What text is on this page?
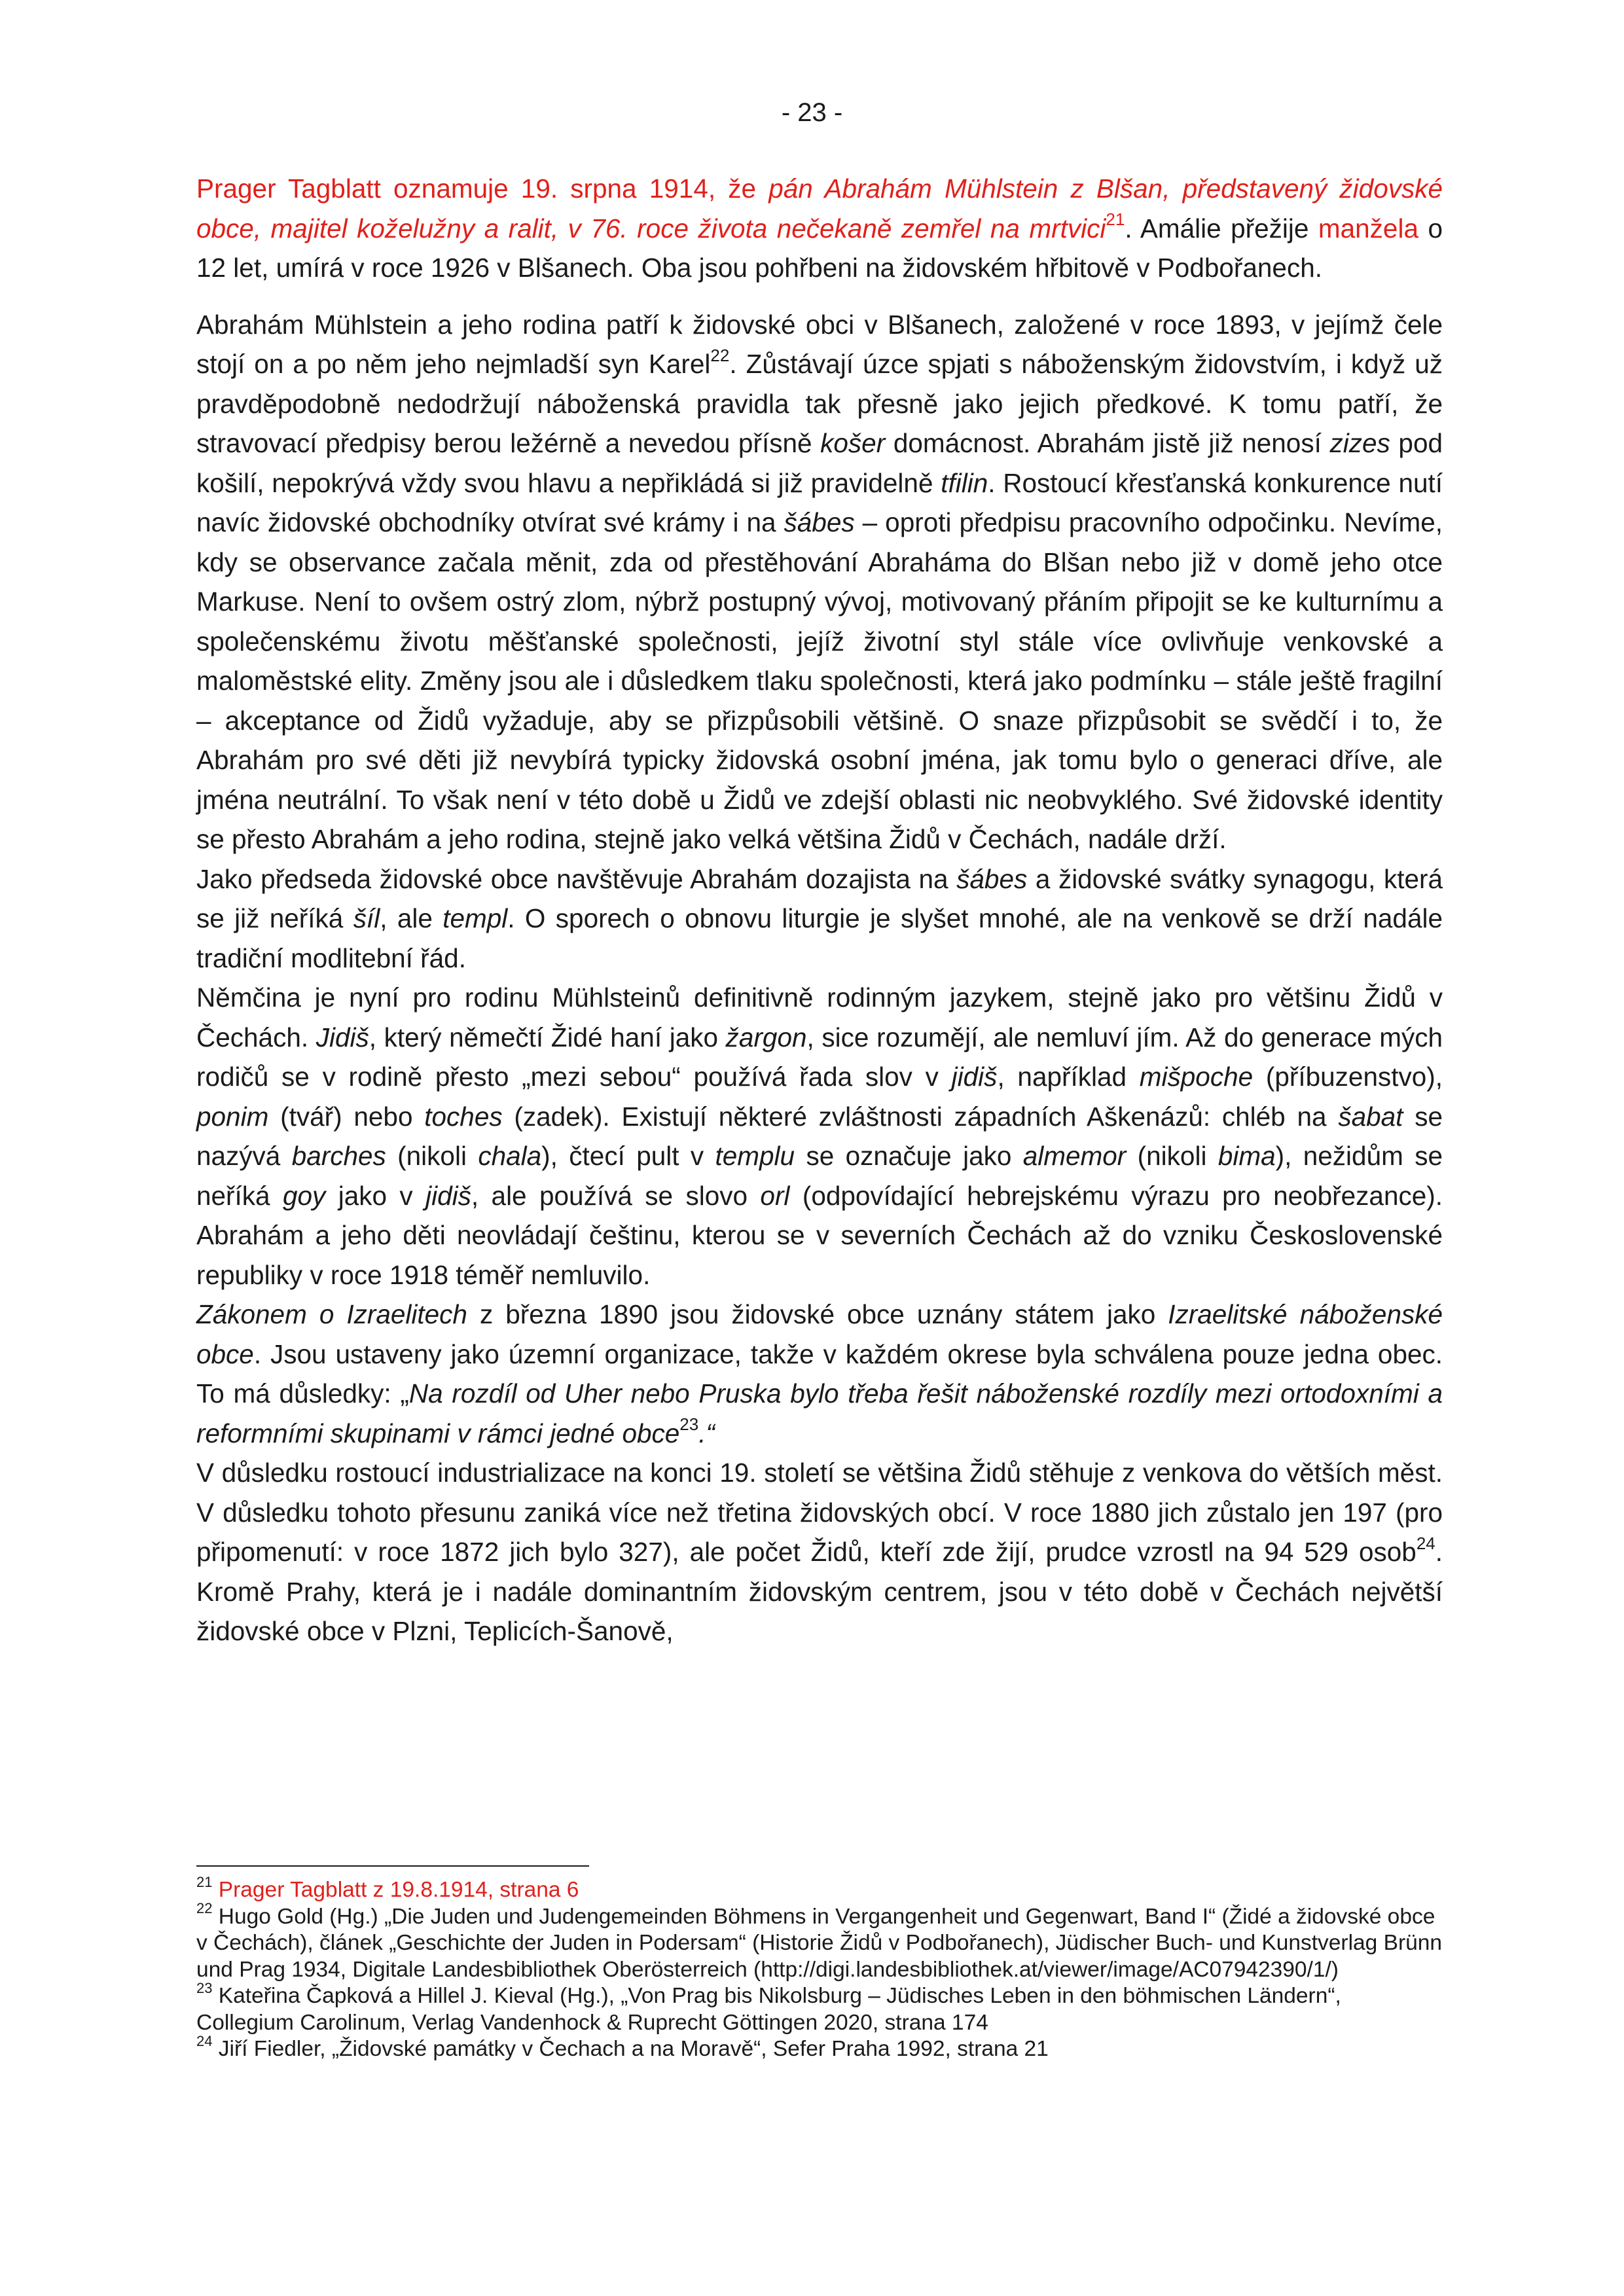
- 23 -

Prager Tagblatt oznamuje 19. srpna 1914, že pán Abrahám Mühlstein z Blšan, představený židovské obce, majitel koželužny a ralit, v 76. roce života nečekaně zemřel na mrtvici$^{21}$. Amálie přežije manžela o 12 let, umírá v roce 1926 v Blšanech. Oba jsou pohřbeni na židovském hřbitově v Podbořanech.

Abrahám Mühlstein a jeho rodina patří k židovské obci v Blšanech, založené v roce 1893, v jejímž čele stojí on a po něm jeho nejmladší syn Karel$^{22}$. Zůstávají úzce spjati s náboženským židovstvím, i když už pravděpodobně nedodržují náboženská pravidla tak přesně jako jejich předkové. K tomu patří, že stravovací předpisy berou ležérně a nevedou přísně košer domácnost. Abrahám jistě již nenosí zizes pod košilí, nepokrývá vždy svou hlavu a nepřikládá si již pravidelně tfilin. Rostoucí křesťanská konkurence nutí navíc židovské obchodníky otvírat své krámy i na šábes – oproti předpisu pracovního odpočinku. Nevíme, kdy se observance začala měnit, zda od přestěhování Abraháma do Blšan nebo již v domě jeho otce Markuse. Není to ovšem ostrý zlom, nýbrž postupný vývoj, motivovaný přáním připojit se ke kulturnímu a společenskému životu měšťanské společnosti, jejíž životní styl stále více ovlivňuje venkovské a maloměstské elity. Změny jsou ale i důsledkem tlaku společnosti, která jako podmínku – stále ještě fragilní – akceptance od Židů vyžaduje, aby se přizpůsobili většině. O snaze přizpůsobit se svědčí i to, že Abrahám pro své děti již nevybírá typicky židovská osobní jména, jak tomu bylo o generaci dříve, ale jména neutrální. To však není v této době u Židů ve zdejší oblasti nic neobvyklého. Své židovské identity se přesto Abrahám a jeho rodina, stejně jako velká většina Židů v Čechách, nadále drží.

Jako předseda židovské obce navštěvuje Abrahám dozajista na šábes a židovské svátky synagogu, která se již neříká šíl, ale templ. O sporech o obnovu liturgie je slyšet mnohé, ale na venkově se drží nadále tradiční modlitební řád.

Němčina je nyní pro rodinu Mühlsteinů definitivně rodinným jazykem, stejně jako pro většinu Židů v Čechách. Jidiš, který němečtí Židé haní jako žargon, sice rozumějí, ale nemluví jím. Až do generace mých rodičů se v rodině přesto „mezi sebou“ používá řada slov v jidiš, například mišpoche (příbuzenstvo), ponim (tvář) nebo toches (zadek). Existují některé zvláštnosti západních Aškenázů: chléb na šabat se nazývá barches (nikoli chala), čtecí pult v templu se označuje jako almemor (nikoli bima), nežidům se neříká goy jako v jidiš, ale používá se slovo orl (odpovídající hebrejskému výrazu pro neobřezance). Abrahám a jeho děti neovládají češtinu, kterou se v severních Čechách až do vzniku Československé republiky v roce 1918 téměř nemluvilo.

Zákonem o Izraelitech z března 1890 jsou židovské obce uznány státem jako Izraelitské náboženské obce. Jsou ustaveny jako územní organizace, takže v každém okrese byla schválena pouze jedna obec. To má důsledky: „Na rozdíl od Uher nebo Pruska bylo třeba řešit náboženské rozdíly mezi ortodoxními a reformními skupinami v rámci jedné obce$^{23}$.“

V důsledku rostoucí industrializace na konci 19. století se většina Židů stěhuje z venkova do větších měst. V důsledku tohoto přesunu zaniká více než třetina židovských obcí. V roce 1880 jich zůstalo jen 197 (pro připomenutí: v roce 1872 jich bylo 327), ale počet Židů, kteří zde žijí, prudce vzrostl na 94 529 osob$^{24}$. Kromě Prahy, která je i nadále dominantním židovským centrem, jsou v této době v Čechách největší židovské obce v Plzni, Teplicích-Šanově,

$^{21}$ Prager Tagblatt z 19.8.1914, strana 6

$^{22}$ Hugo Gold (Hg.) „Die Juden und Judengemeinden Böhmens in Vergangenheit und Gegenwart, Band I“ (Židé a židovské obce v Čechách), článek „Geschichte der Juden in Podersam“ (Historie Židů v Podbořanech), Jüdischer Buch- und Kunstverlag Brünn und Prag 1934, Digitale Landesbibliothek Oberösterreich (http://digi.landesbibliothek.at/viewer/image/AC07942390/1/)

$^{23}$ Kateřina Čapková a Hillel J. Kieval (Hg.), „Von Prag bis Nikolsburg – Jüdisches Leben in den böhmischen Ländern“, Collegium Carolinum, Verlag Vandenhock & Ruprecht Göttingen 2020, strana 174

$^{24}$ Jiří Fiedler, „Židovské památky v Čechach a na Moravě“, Sefer Praha 1992, strana 21
